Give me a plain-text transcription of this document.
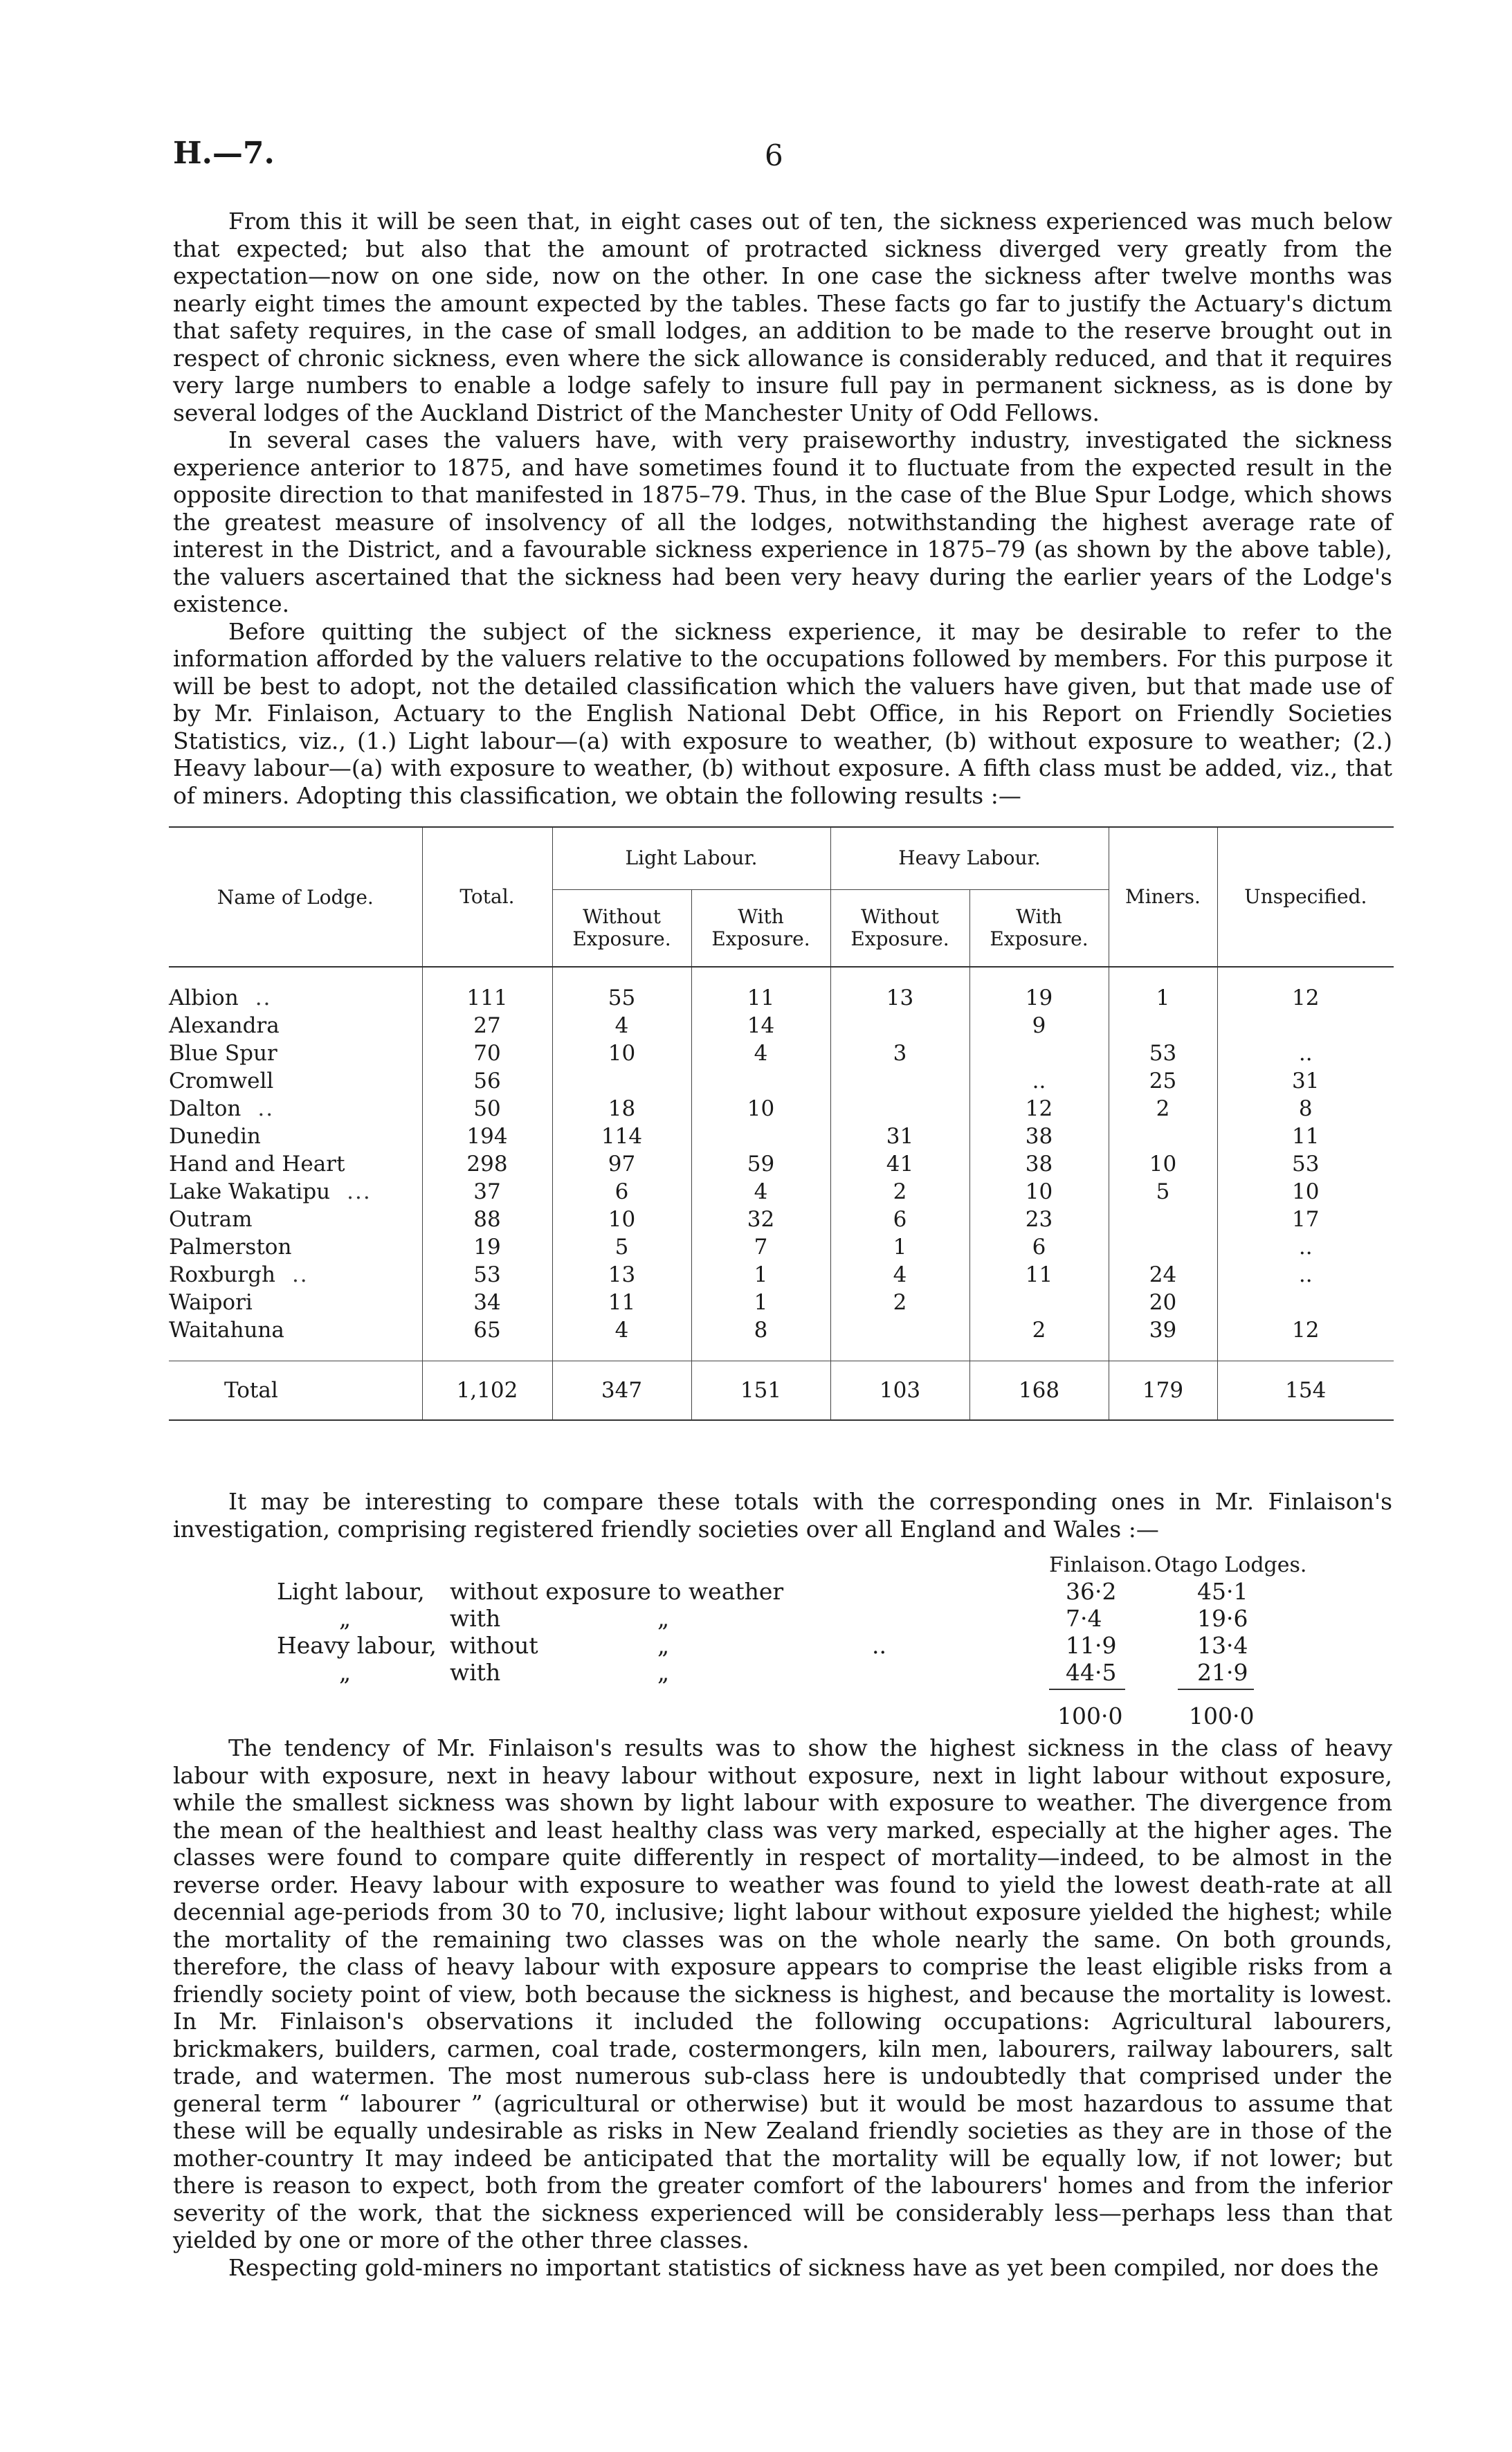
H.—7.	6

From this it will be seen that, in eight cases out of ten, the sickness experienced was much below that expected; but also that the amount of protracted sickness diverged very greatly from the expectation—now on one side, now on the other. In one case the sickness after twelve months was nearly eight times the amount expected by the tables. These facts go far to justify the Actuary's dictum that safety requires, in the case of small lodges, an addition to be made to the reserve brought out in respect of chronic sickness, even where the sick allowance is considerably reduced, and that it requires very large numbers to enable a lodge safely to insure full pay in permanent sickness, as is done by several lodges of the Auckland District of the Manchester Unity of Odd Fellows.

In several cases the valuers have, with very praiseworthy industry, investigated the sickness experience anterior to 1875, and have sometimes found it to fluctuate from the expected result in the opposite direction to that manifested in 1875–79. Thus, in the case of the Blue Spur Lodge, which shows the greatest measure of insolvency of all the lodges, notwithstanding the highest average rate of interest in the District, and a favourable sickness experience in 1875–79 (as shown by the above table), the valuers ascertained that the sickness had been very heavy during the earlier years of the Lodge's existence.

Before quitting the subject of the sickness experience, it may be desirable to refer to the information afforded by the valuers relative to the occupations followed by members. For this purpose it will be best to adopt, not the detailed classification which the valuers have given, but that made use of by Mr. Finlaison, Actuary to the English National Debt Office, in his Report on Friendly Societies Statistics, viz., (1.) Light labour—(a) with exposure to weather, (b) without exposure to weather; (2.) Heavy labour—(a) with exposure to weather, (b) without exposure. A fifth class must be added, viz., that of miners. Adopting this classification, we obtain the following results :—

Name of Lodge.	Total.	Light Labour.		Heavy Labour.		Miners.	Unspecified.
		Without Exposure.	With Exposure.	Without Exposure.	With Exposure.		

Albion ..	111	55	11	13	19	1	12
Alexandra	27	4	14		9		
Blue Spur	70	10	4	3		53	..
Cromwell	56				..	25	31
Dalton ..	50	18	10		12	2	8
Dunedin	194	114		31	38		11
Hand and Heart	298	97	59	41	38	10	53
Lake Wakatipu ...	37	6	4	2	10	5	10
Outram	88	10	32	6	23		17
Palmerston	19	5	7	1	6		..
Roxburgh ..	53	13	1	4	11	24	..
Waipori	34	11	1	2		20	
Waitahuna	65	4	8		2	39	12

Total	1,102	347	151	103	168	179	154

It may be interesting to compare these totals with the corresponding ones in Mr. Finlaison's investigation, comprising registered friendly societies over all England and Wales :—

Finlaison. Otago Lodges.
Light labour, without exposure to weather	36·2	45·1
„	with	„	7·4	19·6
Heavy labour, without	„	..	11·9	13·4
„	with	„	44·5	21·9
100·0	100·0

The tendency of Mr. Finlaison's results was to show the highest sickness in the class of heavy labour with exposure, next in heavy labour without exposure, next in light labour without exposure, while the smallest sickness was shown by light labour with exposure to weather. The divergence from the mean of the healthiest and least healthy class was very marked, especially at the higher ages. The classes were found to compare quite differently in respect of mortality—indeed, to be almost in the reverse order. Heavy labour with exposure to weather was found to yield the lowest death-rate at all decennial age-periods from 30 to 70, inclusive; light labour without exposure yielded the highest; while the mortality of the remaining two classes was on the whole nearly the same. On both grounds, therefore, the class of heavy labour with exposure appears to comprise the least eligible risks from a friendly society point of view, both because the sickness is highest, and because the mortality is lowest. In Mr. Finlaison's observations it included the following occupations: Agricultural labourers, brickmakers, builders, carmen, coal trade, costermongers, kiln men, labourers, railway labourers, salt trade, and watermen. The most numerous sub-class here is undoubtedly that comprised under the general term “ labourer ” (agricultural or otherwise) but it would be most hazardous to assume that these will be equally undesirable as risks in New Zealand friendly societies as they are in those of the mother-country It may indeed be anticipated that the mortality will be equally low, if not lower; but there is reason to expect, both from the greater comfort of the labourers' homes and from the inferior severity of the work, that the sickness experienced will be considerably less—perhaps less than that yielded by one or more of the other three classes.

Respecting gold-miners no important statistics of sickness have as yet been compiled, nor does the
